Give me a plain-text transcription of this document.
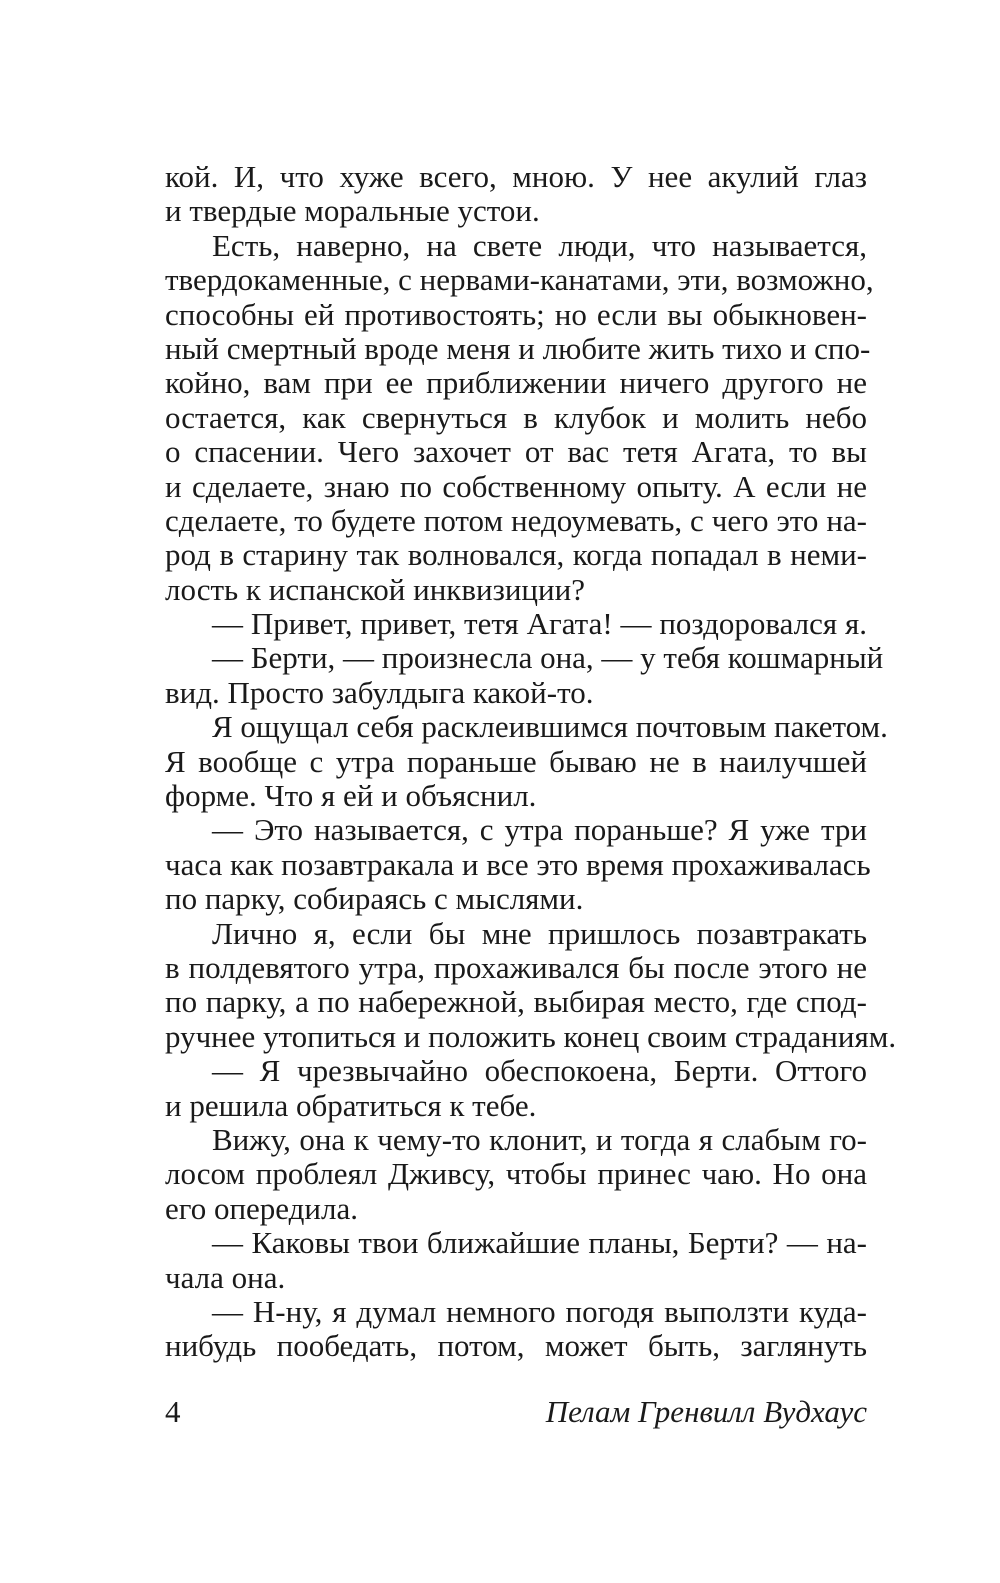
кой. И, что хуже всего, мною. У нее акулий глаз
и твердые моральные устои.
Есть, наверно, на свете люди, что называется,
твердокаменные, с нервами-канатами, эти, возможно,
способны ей противостоять; но если вы обыкновен-
ный смертный вроде меня и любите жить тихо и спо-
койно, вам при ее приближении ничего другого не
остается, как свернуться в клубок и молить небо
о спасении. Чего захочет от вас тетя Агата, то вы
и сделаете, знаю по собственному опыту. А если не
сделаете, то будете потом недоумевать, с чего это на-
род в старину так волновался, когда попадал в неми-
лость к испанской инквизиции?
— Привет, привет, тетя Агата! — поздоровался я.
— Берти, — произнесла она, — у тебя кошмарный
вид. Просто забулдыга какой-то.
Я ощущал себя расклеившимся почтовым пакетом.
Я вообще с утра пораньше бываю не в наилучшей
форме. Что я ей и объяснил.
— Это называется, с утра пораньше? Я уже три
часа как позавтракала и все это время прохаживалась
по парку, собираясь с мыслями.
Лично я, если бы мне пришлось позавтракать
в полдевятого утра, прохаживался бы после этого не
по парку, а по набережной, выбирая место, где спод-
ручнее утопиться и положить конец своим страданиям.
— Я чрезвычайно обеспокоена, Берти. Оттого
и решила обратиться к тебе.
Вижу, она к чему-то клонит, и тогда я слабым го-
лосом проблеял Дживсу, чтобы принес чаю. Но она
его опередила.
— Каковы твои ближайшие планы, Берти? — на-
чала она.
— Н-ну, я думал немного погодя выползти куда-
нибудь пообедать, потом, может быть, заглянуть
4	Пелам Гренвилл Вудхаус
